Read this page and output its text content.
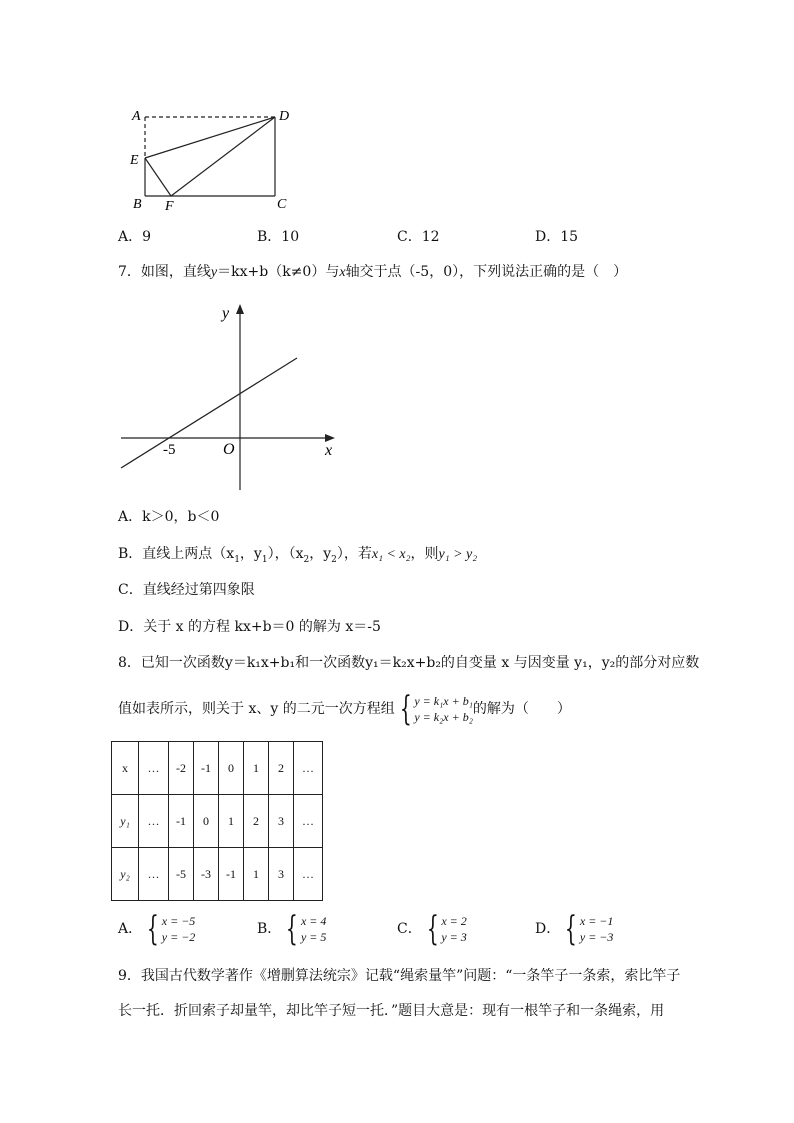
A	D
E
B F	C
A．9	B．10	C．12	D．15
7．如图，直线y＝kx+b（k≠0）与x轴交于点（-5，0），下列说法正确的是（　）
y
x
O
-5
A．k＞0，b＜0
B．直线上两点（$x_1$，$y_1$），（$x_2$，$y_2$），若x₁ < x₂，则y₁ > y₂
C．直线经过第四象限
D．关于 x 的方程 kx+b＝0 的解为 x＝-5
8．已知一次函数y＝k₁x+b₁和一次函数y₁＝k₂x+b₂的自变量 x 与因变量 y₁，y₂的部分对应数
值如表所示，则关于 x、y 的二元一次方程组 { y = k₁x + b₁
y = k₂x + b₂ 的解为（　　）
x	…	-2	-1	0	1	2	…
y₁	…	-1	0	1	2	3	…
y₂	…	-5	-3	-1	1	3	…
A． { x = −5
y = −2	B． { x = 4
y = 5	C． { x = 2
y = 3	D． { x = −1
y = −3
9．我国古代数学著作《增删算法统宗》记载“绳索量竿”问题：“一条竿子一条索，索比竿子
长一托．折回索子却量竿，却比竿子短一托．”题目大意是：现有一根竿子和一条绳索，用
